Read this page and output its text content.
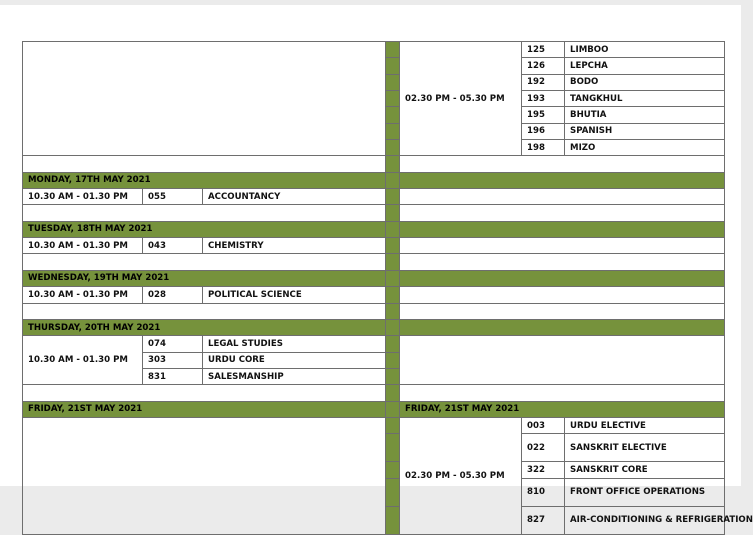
				02.30 PM - 05.30 PM	125	LIMBOO
					126	LEPCHA
					192	BODO
					193	TANGKHUL
					195	BHUTIA
					196	SPANISH
					198	MIZO

MONDAY, 17TH MAY 2021						
10.30 AM - 01.30 PM	055	ACCOUNTANCY				

TUESDAY, 18TH MAY 2021						
10.30 AM - 01.30 PM	043	CHEMISTRY				

WEDNESDAY, 19TH MAY 2021						
10.30 AM - 01.30 PM	028	POLITICAL SCIENCE				

THURSDAY, 20TH MAY 2021						
10.30 AM - 01.30 PM	074	LEGAL STUDIES				
	303	URDU CORE				
	831	SALESMANSHIP				

FRIDAY, 21ST MAY 2021				FRIDAY, 21ST MAY 2021		
				02.30 PM - 05.30 PM	003	URDU ELECTIVE
					022	SANSKRIT ELECTIVE
					322	SANSKRIT CORE
					810	FRONT OFFICE OPERATIONS
					827	AIR-CONDITIONING & REFRIGERATION
